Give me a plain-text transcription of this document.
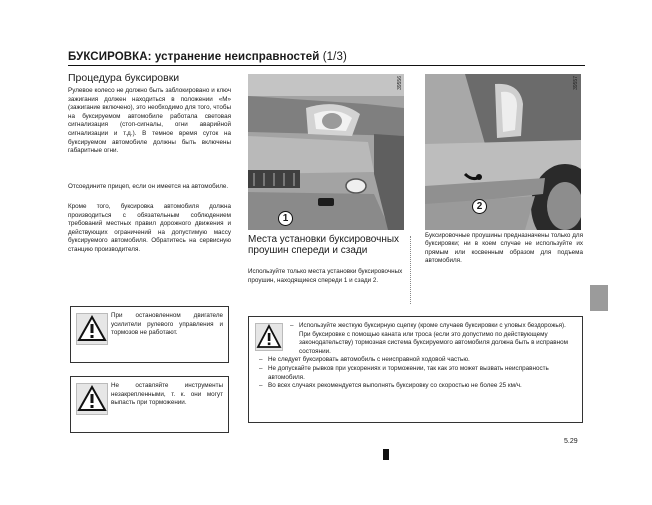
БУКСИРОВКА: устранение неисправностей (1/3)
Процедура буксировки
Рулевое колесо не должно быть заблокировано и ключ зажигания должен находиться в положении «M» (зажигание включено), это необходимо для того, чтобы на буксируемом автомобиле работала световая сигнализация (стоп-сигналы, огни аварийной сигнализации и т.д.). В темное время суток на буксируемом автомобиле должны быть включены габаритные огни.
Отсоедините прицеп, если он имеется на автомобиле.
Кроме того, буксировка автомобиля должна производиться с обязательным соблюдением требований местных правил дорожного движения и действующих ограничений на допустимую массу буксируемого автомобиля. Обратитесь на сервисную станцию производителя.
При остановленном двигателе усилители рулевого управления и тормозов не работают.
Не оставляйте инструменты незакрепленными, т. к. они могут выпасть при торможении.
39556
1
39557
2
Места установки буксировочных проушин спереди и сзади
Используйте только места установки буксировочных проушин, находящиеся спереди 1 и сзади 2.
Буксировочные проушины предназначены только для буксировки; ни в коем случае не используйте их прямым или косвенным образом для подъема автомобиля.
– Используйте жесткую буксирную сцепку (кроме случаев буксировки с уловых бездорожья). При буксировке с помощью каната или троса (если это допустимо по действующему законодательству) тормозная система буксируемого автомобиля должна быть в исправном состоянии.
– Не следует буксировать автомобиль с неисправной ходовой частью.
– Не допускайте рывков при ускорениях и торможении, так как это может вызвать неисправность автомобиля.
– Во всех случаях рекомендуется выполнять буксировку со скоростью не более 25 км/ч.
5.29
